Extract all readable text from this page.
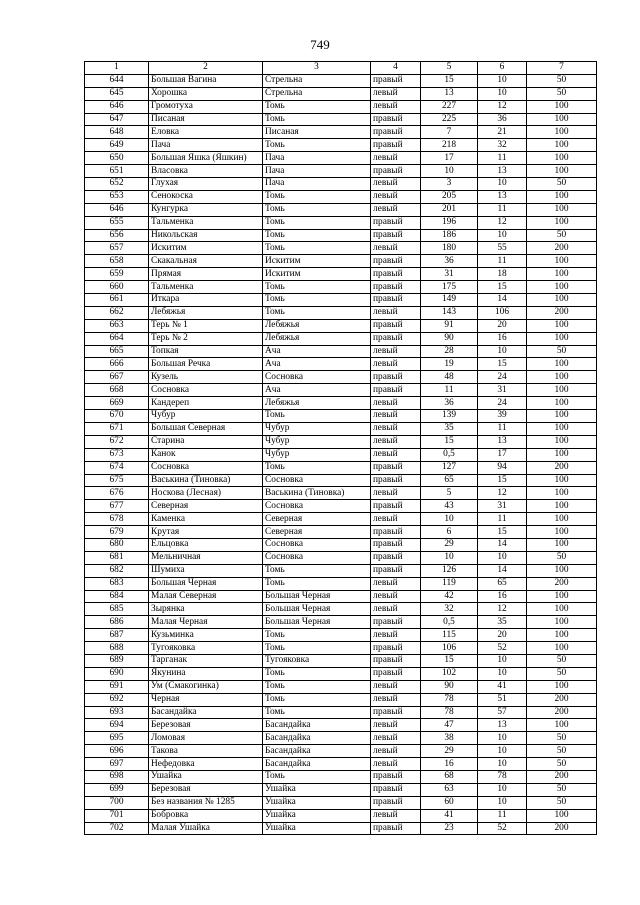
749
1	2	3	4	5	6	7
644	Большая Вагина	Стрельна	правый	15	10	50
645	Хорошка	Стрельна	левый	13	10	50
646	Громотуха	Томь	левый	227	12	100
647	Писаная	Томь	правый	225	36	100
648	Еловка	Писаная	правый	7	21	100
649	Пача	Томь	правый	218	32	100
650	Большая Яшка (Яшкин)	Пача	левый	17	11	100
651	Власовка	Пача	правый	10	13	100
652	Глухая	Пача	левый	3	10	50
653	Сенокоска	Томь	левый	205	13	100
646	Кунгурка	Томь	левый	201	11	100
655	Тальменка	Томь	правый	196	12	100
656	Никольская	Томь	правый	186	10	50
657	Искитим	Томь	левый	180	55	200
658	Скакальная	Искитим	правый	36	11	100
659	Прямая	Искитим	правый	31	18	100
660	Тальменка	Томь	правый	175	15	100
661	Иткара	Томь	правый	149	14	100
662	Лебяжья	Томь	левый	143	106	200
663	Терь № 1	Лебяжья	правый	91	20	100
664	Терь № 2	Лебяжья	правый	90	16	100
665	Топкая	Ача	левый	28	10	50
666	Большая Речка	Ача	левый	19	15	100
667	Кузель	Сосновка	правый	48	24	100
668	Сосновка	Ача	правый	11	31	100
669	Кандереп	Лебяжья	левый	36	24	100
670	Чубур	Томь	левый	139	39	100
671	Большая Северная	Чубур	левый	35	11	100
672	Старина	Чубур	левый	15	13	100
673	Канок	Чубур	левый	0,5	17	100
674	Сосновка	Томь	правый	127	94	200
675	Васькина (Тиновка)	Сосновка	правый	65	15	100
676	Носкова (Лесная)	Васькина (Тиновка)	левый	5	12	100
677	Северная	Сосновка	правый	43	31	100
678	Каменка	Северная	левый	10	11	100
679	Крутая	Северная	правый	6	15	100
680	Ельцовка	Сосновка	правый	29	14	100
681	Мельничная	Сосновка	правый	10	10	50
682	Шумиха	Томь	правый	126	14	100
683	Большая Черная	Томь	левый	119	65	200
684	Малая Северная	Большая Черная	левый	42	16	100
685	Зырянка	Большая Черная	левый	32	12	100
686	Малая Черная	Большая Черная	правый	0,5	35	100
687	Кузьминка	Томь	левый	115	20	100
688	Тугояковка	Томь	правый	106	52	100
689	Тарганак	Тугояковка	правый	15	10	50
690	Якунина	Томь	правый	102	10	50
691	Ум (Смакогинка)	Томь	левый	90	41	100
692	Черная	Томь	левый	78	51	200
693	Басандайка	Томь	правый	78	57	200
694	Березовая	Басандайка	левый	47	13	100
695	Ломовая	Басандайка	левый	38	10	50
696	Такова	Басандайка	левый	29	10	50
697	Нефедовка	Басандайка	левый	16	10	50
698	Ушайка	Томь	правый	68	78	200
699	Березовая	Ушайка	правый	63	10	50
700	Без названия № 1285	Ушайка	правый	60	10	50
701	Бобровка	Ушайка	левый	41	11	100
702	Малая Ушайка	Ушайка	правый	23	52	200
